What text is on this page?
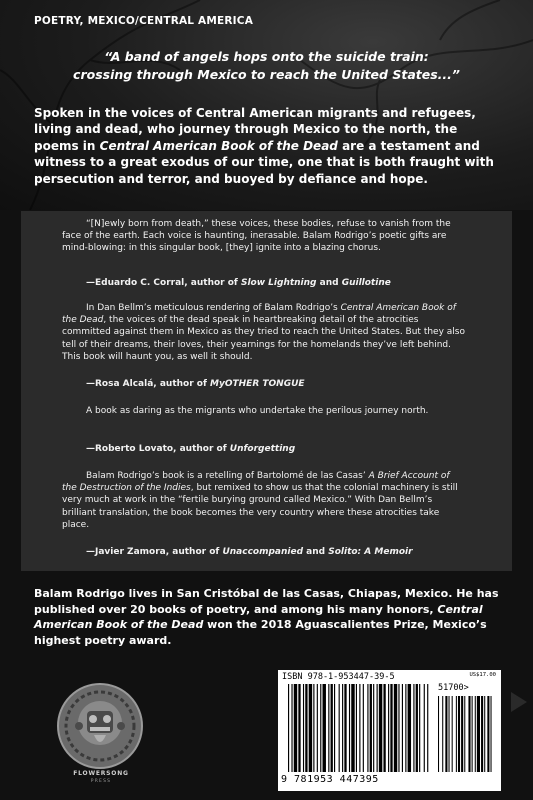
POETRY, MEXICO/CENTRAL AMERICA
“A band of angels hops onto the suicide train:
crossing through Mexico to reach the United States...”
Spoken in the voices of Central American migrants and refugees, living and dead, who journey through Mexico to the north, the poems in Central American Book of the Dead are a testament and witness to a great exodus of our time, one that is both fraught with persecution and terror, and buoyed by defiance and hope.
“[N]ewly born from death,” these voices, these bodies, refuse to vanish from the face of the earth. Each voice is haunting, inerasable. Balam Rodrigo’s poetic gifts are mind-blowing: in this singular book, [they] ignite into a blazing chorus.
—Eduardo C. Corral, author of Slow Lightning and Guillotine
In Dan Bellm’s meticulous rendering of Balam Rodrigo’s Central American Book of the Dead, the voices of the dead speak in heartbreaking detail of the atrocities committed against them in Mexico as they tried to reach the United States. But they also tell of their dreams, their loves, their yearnings for the homelands they’ve left behind. This book will haunt you, as well it should.
—Rosa Alcalá, author of MyOTHER TONGUE
A book as daring as the migrants who undertake the perilous journey north.
—Roberto Lovato, author of Unforgetting
Balam Rodrigo’s book is a retelling of Bartolomé de las Casas’ A Brief Account of the Destruction of the Indies, but remixed to show us that the colonial machinery is still very much at work in the “fertile burying ground called Mexico.” With Dan Bellm’s brilliant translation, the book becomes the very country where these atrocities take place.
—Javier Zamora, author of Unaccompanied and Solito: A Memoir
Balam Rodrigo lives in San Cristóbal de las Casas, Chiapas, Mexico. He has published over 20 books of poetry, and among his many honors, Central American Book of the Dead won the 2018 Aguascalientes Prize, Mexico’s highest poetry award.
FLOWERSONG
PRESS
ISBN 978-1-953447-39-5	US$17.00
51700>
9 781953 447395
